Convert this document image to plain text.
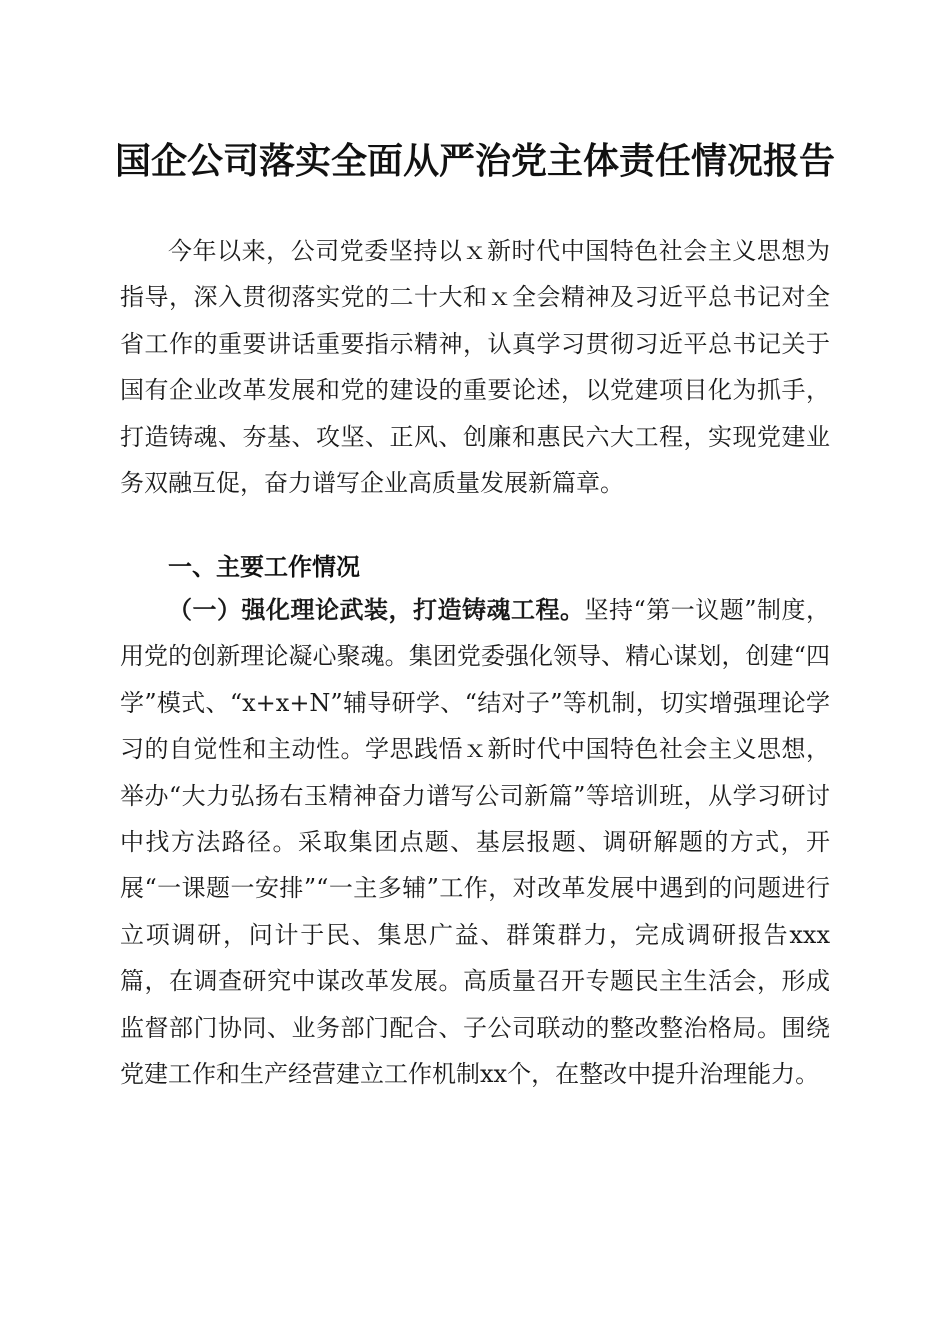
国企公司落实全面从严治党主体责任情况报告

今年以来，公司党委坚持以ｘ新时代中国特色社会主义思想为指导，深入贯彻落实党的二十大和ｘ全会精神及习近平总书记对全省工作的重要讲话重要指示精神，认真学习贯彻习近平总书记关于国有企业改革发展和党的建设的重要论述，以党建项目化为抓手，打造铸魂、夯基、攻坚、正风、创廉和惠民六大工程，实现党建业务双融互促，奋力谱写企业高质量发展新篇章。

一、主要工作情况

（一）强化理论武装，打造铸魂工程。坚持“第一议题”制度，用党的创新理论凝心聚魂。集团党委强化领导、精心谋划，创建“四学”模式、“x+x+N”辅导研学、“结对子”等机制，切实增强理论学习的自觉性和主动性。学思践悟ｘ新时代中国特色社会主义思想，举办“大力弘扬右玉精神奋力谱写公司新篇”等培训班，从学习研讨中找方法路径。采取集团点题、基层报题、调研解题的方式，开展“一课题一安排”“一主多辅”工作，对改革发展中遇到的问题进行立项调研，问计于民、集思广益、群策群力，完成调研报告xxx篇，在调查研究中谋改革发展。高质量召开专题民主生活会，形成监督部门协同、业务部门配合、子公司联动的整改整治格局。围绕党建工作和生产经营建立工作机制xx个，在整改中提升治理能力。
